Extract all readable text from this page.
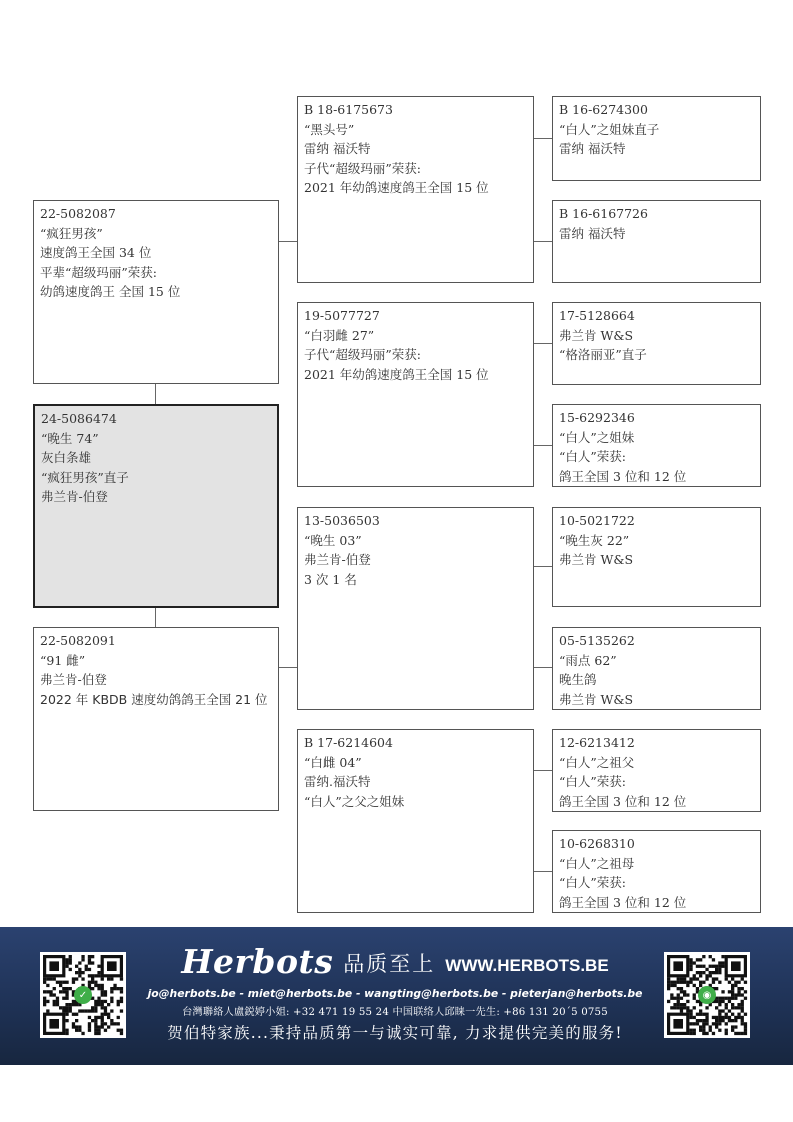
22-5082087
“疯狂男孩”
速度鸽王全国 34 位
平辈“超级玛丽”荣获:
幼鸽速度鸽王 全国 15 位
24-5086474
“晚生 74”
灰白条雄
“疯狂男孩”直子
弗兰肯-伯登
22-5082091
“91 雌”
弗兰肯-伯登
2022 年 KBDB 速度幼鸽鸽王全国 21 位
B 18-6175673
“黑头号”
雷纳 福沃特
子代“超级玛丽”荣获:
2021 年幼鸽速度鸽王全国 15 位
19-5077727
“白羽雌 27”
子代“超级玛丽”荣获:
2021 年幼鸽速度鸽王全国 15 位
13-5036503
“晚生 03”
弗兰肯-伯登
3 次 1 名
B 17-6214604
“白雌 04”
雷纳.福沃特
“白人”之父之姐妹
B 16-6274300
“白人”之姐妹直子
雷纳 福沃特
B 16-6167726
雷纳 福沃特
17-5128664
弗兰肯 W&S
“格洛丽亚”直子
15-6292346
“白人”之姐妹
“白人”荣获:
鸽王全国 3 位和 12 位
10-5021722
“晚生灰 22”
弗兰肯 W&S
05-5135262
“雨点 62”
晚生鸽
弗兰肯 W&S
12-6213412
“白人”之祖父
“白人”荣获:
鸽王全国 3 位和 12 位
10-6268310
“白人”之祖母
“白人”荣获:
鸽王全国 3 位和 12 位
✓
Herbots 品质至上 WWW.HERBOTS.BE
jo@herbots.be - miet@herbots.be - wangting@herbots.be - pieterjan@herbots.be
台灣聯絡人盧鋭婷小姐: +32 471 19 55 24 中国联络人邱睐一先生: +86 131 20´5 0755
贺伯特家族...秉持品质第一与诚实可靠, 力求提供完美的服务!
◉
